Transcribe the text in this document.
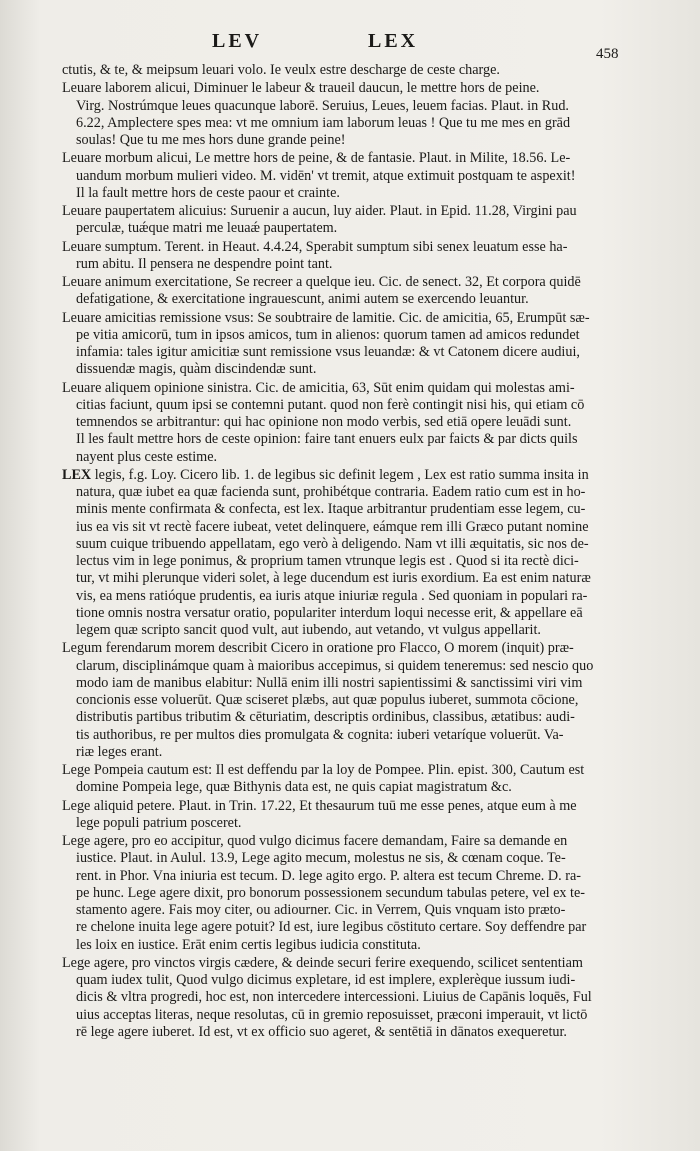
LEV	LEX
458
ctutis, & te, & meipsum leuari volo. Ie veulx estre descharge de ceste charge.
Leuare laborem alicui, Diminuer le labeur & traueil daucun, le mettre hors de peine.
Virg. Nostrúmque leues quacunque laborē. Seruius, Leues, leuem facias. Plaut. in Rud.
6.22, Amplectere spes mea: vt me omnium iam laborum leuas ! Que tu me mes en grād
soulas! Que tu me mes hors dune grande peine!
Leuare morbum alicui, Le mettre hors de peine, & de fantasie. Plaut. in Milite, 18.56. Le-
uandum morbum mulieri video. M. vidēn' vt tremit, atque extimuit postquam te aspexit!
Il la fault mettre hors de ceste paour et crainte.
Leuare paupertatem alicuius: Suruenir a aucun, luy aider. Plaut. in Epid. 11.28, Virgini pau
perculæ, tuǽque matri me leuaǽ paupertatem.
Leuare sumptum. Terent. in Heaut. 4.4.24, Sperabit sumptum sibi senex leuatum esse ha-
rum abitu. Il pensera ne despendre point tant.
Leuare animum exercitatione, Se recreer a quelque ieu. Cic. de senect. 32, Et corpora quidē
defatigatione, & exercitatione ingrauescunt, animi autem se exercendo leuantur.
Leuare amicitias remissione vsus: Se soubtraire de lamitie. Cic. de amicitia, 65, Erumpūt sæ-
pe vitia amicorū, tum in ipsos amicos, tum in alienos: quorum tamen ad amicos redundet
infamia: tales igitur amicitiæ sunt remissione vsus leuandæ: & vt Catonem dicere audiui,
dissuendæ magis, quàm discindendæ sunt.
Leuare aliquem opinione sinistra. Cic. de amicitia, 63, Sūt enim quidam qui molestas ami-
citias faciunt, quum ipsi se contemni putant. quod non ferè contingit nisi his, qui etiam cō
temnendos se arbitrantur: qui hac opinione non modo verbis, sed etiā opere leuādi sunt.
Il les fault mettre hors de ceste opinion: faire tant enuers eulx par faicts & par dicts quils
nayent plus ceste estime.
LEX legis, f.g. Loy. Cicero lib. 1. de legibus sic definit legem , Lex est ratio summa insita in
natura, quæ iubet ea quæ facienda sunt, prohibétque contraria. Eadem ratio cum est in ho-
minis mente confirmata & confecta, est lex. Itaque arbitrantur prudentiam esse legem, cu-
ius ea vis sit vt rectè facere iubeat, vetet delinquere, eámque rem illi Græco putant nomine
suum cuique tribuendo appellatam, ego verò à deligendo. Nam vt illi æquitatis, sic nos de-
lectus vim in lege ponimus, & proprium tamen vtrunque legis est . Quod si ita rectè dici-
tur, vt mihi plerunque videri solet, à lege ducendum est iuris exordium. Ea est enim naturæ
vis, ea mens ratióque prudentis, ea iuris atque iniuriæ regula . Sed quoniam in populari ra-
tione omnis nostra versatur oratio, populariter interdum loqui necesse erit, & appellare eā
legem quæ scripto sancit quod vult, aut iubendo, aut vetando, vt vulgus appellarit.
Legum ferendarum morem describit Cicero in oratione pro Flacco, O morem (inquit) præ-
clarum, disciplinámque quam à maioribus accepimus, si quidem teneremus: sed nescio quo
modo iam de manibus elabitur: Nullā enim illi nostri sapientissimi & sanctissimi viri vim
concionis esse voluerūt. Quæ sciseret plæbs, aut quæ populus iuberet, summota cōcione,
distributis partibus tributim & cēturiatim, descriptis ordinibus, classibus, ætatibus: audi-
tis authoribus, re per multos dies promulgata & cognita: iuberi vetaríque voluerūt. Va-
riæ leges erant.
Lege Pompeia cautum est: Il est deffendu par la loy de Pompee. Plin. epist. 300, Cautum est
domine Pompeia lege, quæ Bithynis data est, ne quis capiat magistratum &c.
Lege aliquid petere. Plaut. in Trin. 17.22, Et thesaurum tuū me esse penes, atque eum à me
lege populi patrium posceret.
Lege agere, pro eo accipitur, quod vulgo dicimus facere demandam, Faire sa demande en
iustice. Plaut. in Aulul. 13.9, Lege agito mecum, molestus ne sis, & cœnam coque. Te-
rent. in Phor. Vna iniuria est tecum. D. lege agito ergo. P. altera est tecum Chreme. D. ra-
pe hunc. Lege agere dixit, pro bonorum possessionem secundum tabulas petere, vel ex te-
stamento agere. Fais moy citer, ou adiourner. Cic. in Verrem, Quis vnquam isto præto-
re chelone inuita lege agere potuit? Id est, iure legibus cōstituto certare. Soy deffendre par
les loix en iustice. Erāt enim certis legibus iudicia constituta.
Lege agere, pro vinctos virgis cædere, & deinde securi ferire exequendo, scilicet sententiam
quam iudex tulit, Quod vulgo dicimus expletare, id est implere, explerèque iussum iudi-
dicis & vltra progredi, hoc est, non intercedere intercessioni. Liuius de Capānis loquēs, Ful
uius acceptas literas, neque resolutas, cū in gremio reposuisset, præconi imperauit, vt lictō
rē lege agere iuberet. Id est, vt ex officio suo ageret, & sentētiā in dānatos exequeretur.
